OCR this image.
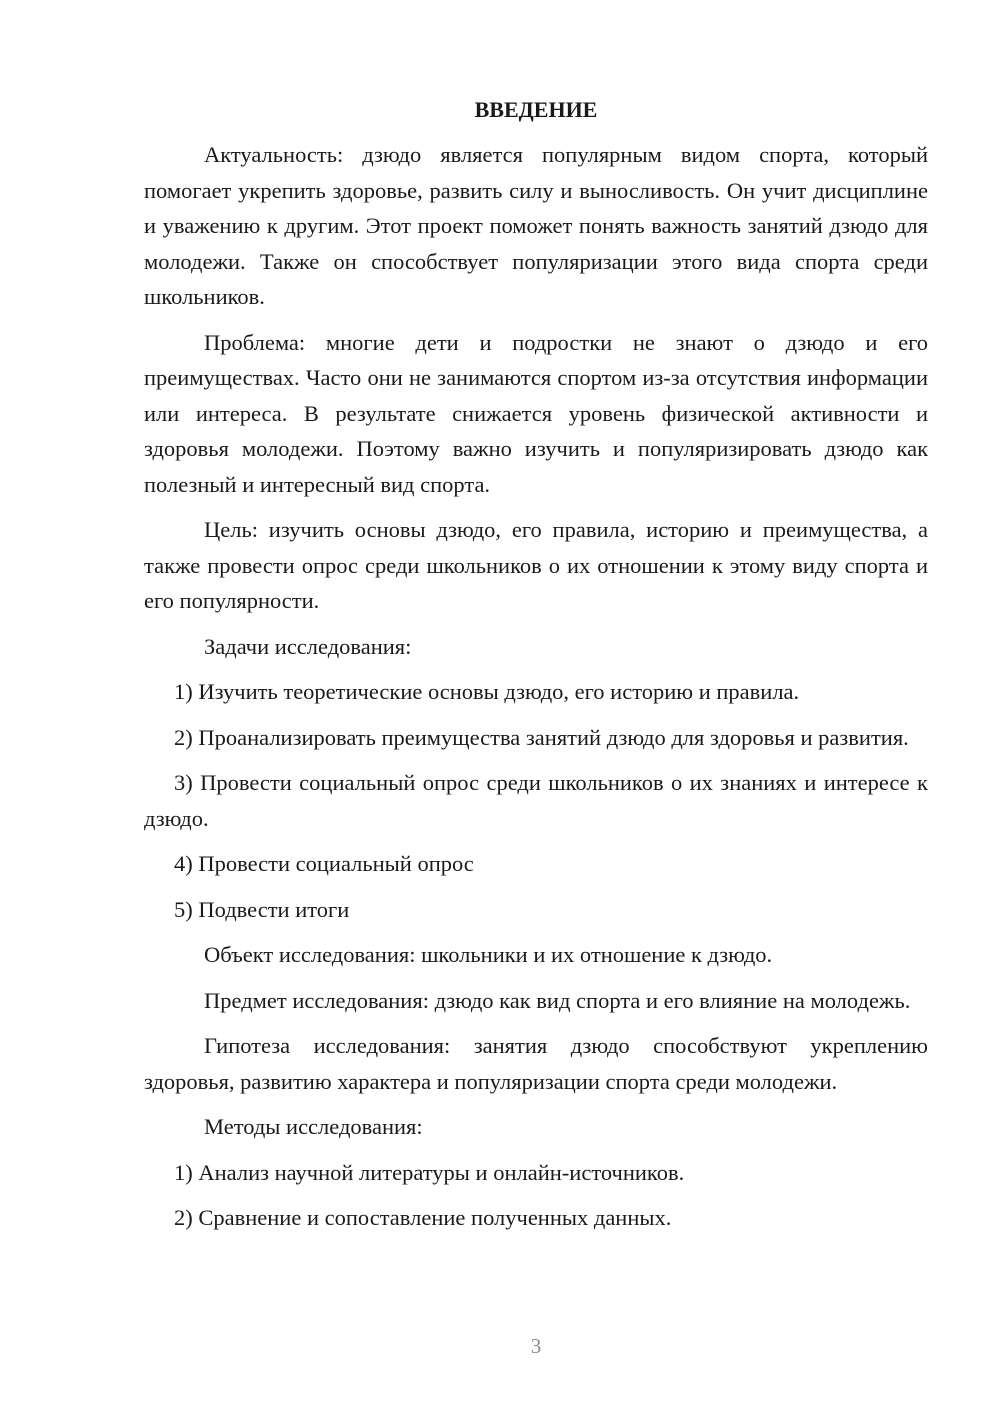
ВВЕДЕНИЕ

Актуальность: дзюдо является популярным видом спорта, который помогает укрепить здоровье, развить силу и выносливость. Он учит дисциплине и уважению к другим. Этот проект поможет понять важность занятий дзюдо для молодежи. Также он способствует популяризации этого вида спорта среди школьников.

Проблема: многие дети и подростки не знают о дзюдо и его преимуществах. Часто они не занимаются спортом из-за отсутствия информации или интереса. В результате снижается уровень физической активности и здоровья молодежи. Поэтому важно изучить и популяризировать дзюдо как полезный и интересный вид спорта.

Цель: изучить основы дзюдо, его правила, историю и преимущества, а также провести опрос среди школьников о их отношении к этому виду спорта и его популярности.

Задачи исследования:

1) Изучить теоретические основы дзюдо, его историю и правила.

2) Проанализировать преимущества занятий дзюдо для здоровья и развития.

3) Провести социальный опрос среди школьников о их знаниях и интересе к дзюдо.

4) Провести социальный опрос

5) Подвести итоги

Объект исследования: школьники и их отношение к дзюдо.

Предмет исследования: дзюдо как вид спорта и его влияние на молодежь.

Гипотеза исследования: занятия дзюдо способствуют укреплению здоровья, развитию характера и популяризации спорта среди молодежи.

Методы исследования:

1) Анализ научной литературы и онлайн-источников.

2) Сравнение и сопоставление полученных данных.

3
